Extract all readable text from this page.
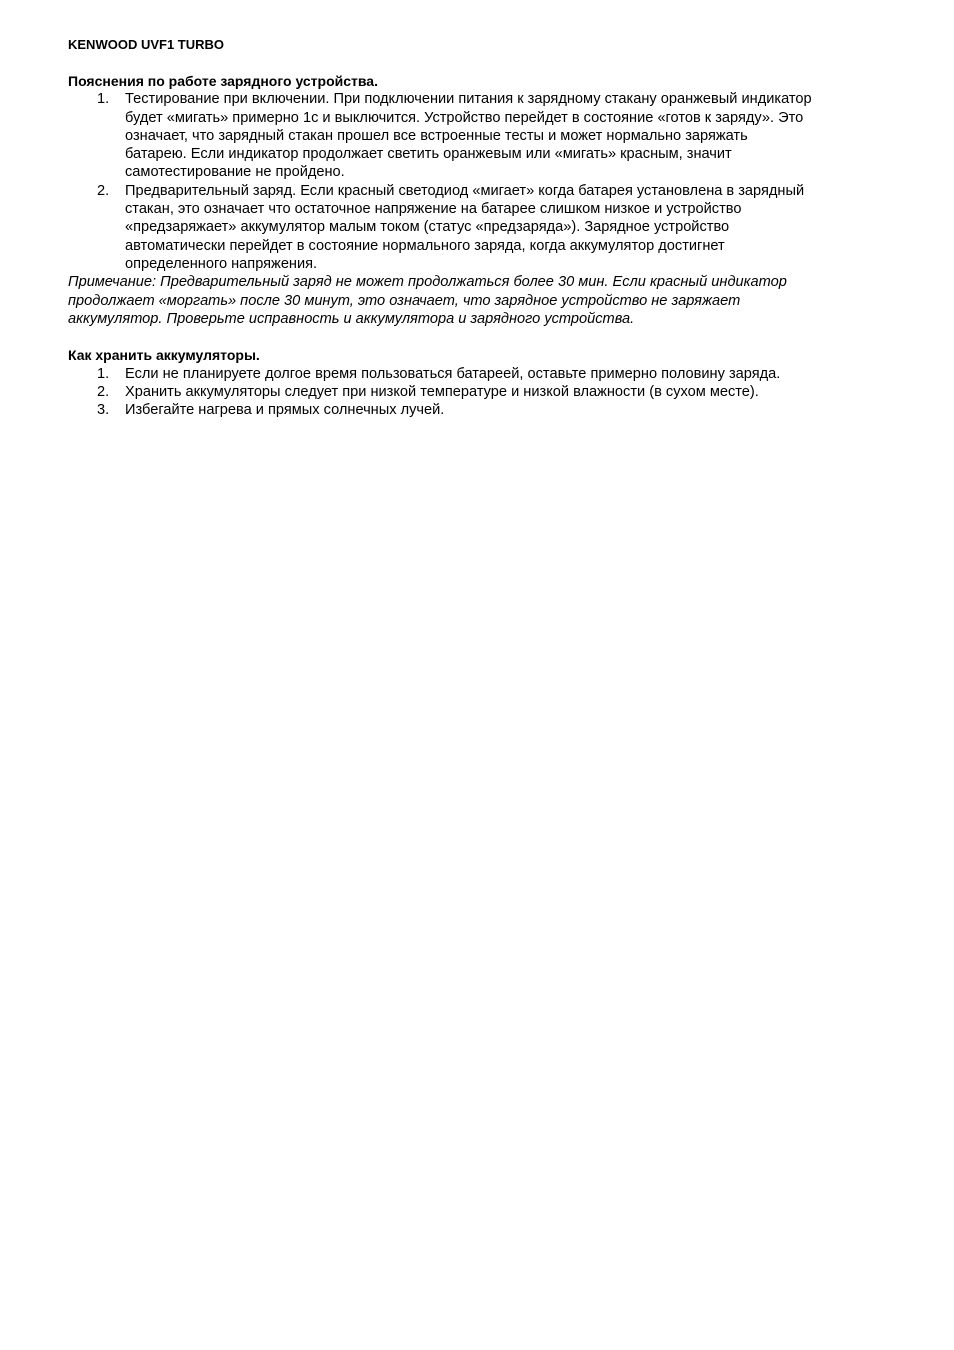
KENWOOD UVF1 TURBO
Пояснения по работе зарядного устройства.
1. Тестирование при включении. При подключении питания к зарядному стакану оранжевый индикатор
будет «мигать» примерно 1с и выключится. Устройство перейдет в состояние «готов к заряду». Это
означает, что зарядный стакан прошел все встроенные тесты и может нормально заряжать
батарею. Если индикатор продолжает светить оранжевым или «мигать» красным, значит
самотестирование не пройдено.
2. Предварительный заряд. Если красный светодиод «мигает» когда батарея установлена в зарядный
стакан, это означает что остаточное напряжение на батарее слишком низкое и устройство
«предзаряжает» аккумулятор малым током (статус «предзаряда»). Зарядное устройство
автоматически перейдет в состояние нормального заряда, когда аккумулятор достигнет
определенного напряжения.
Примечание: Предварительный заряд не может продолжаться более 30 мин. Если красный индикатор
продолжает «моргать» после 30 минут, это означает, что зарядное устройство не заряжает
аккумулятор. Проверьте исправность и аккумулятора и зарядного устройства.
Как хранить аккумуляторы.
1. Если не планируете долгое время пользоваться батареей, оставьте примерно половину заряда.
2. Хранить аккумуляторы следует при низкой температуре и низкой влажности (в сухом месте).
3. Избегайте нагрева и прямых солнечных лучей.
